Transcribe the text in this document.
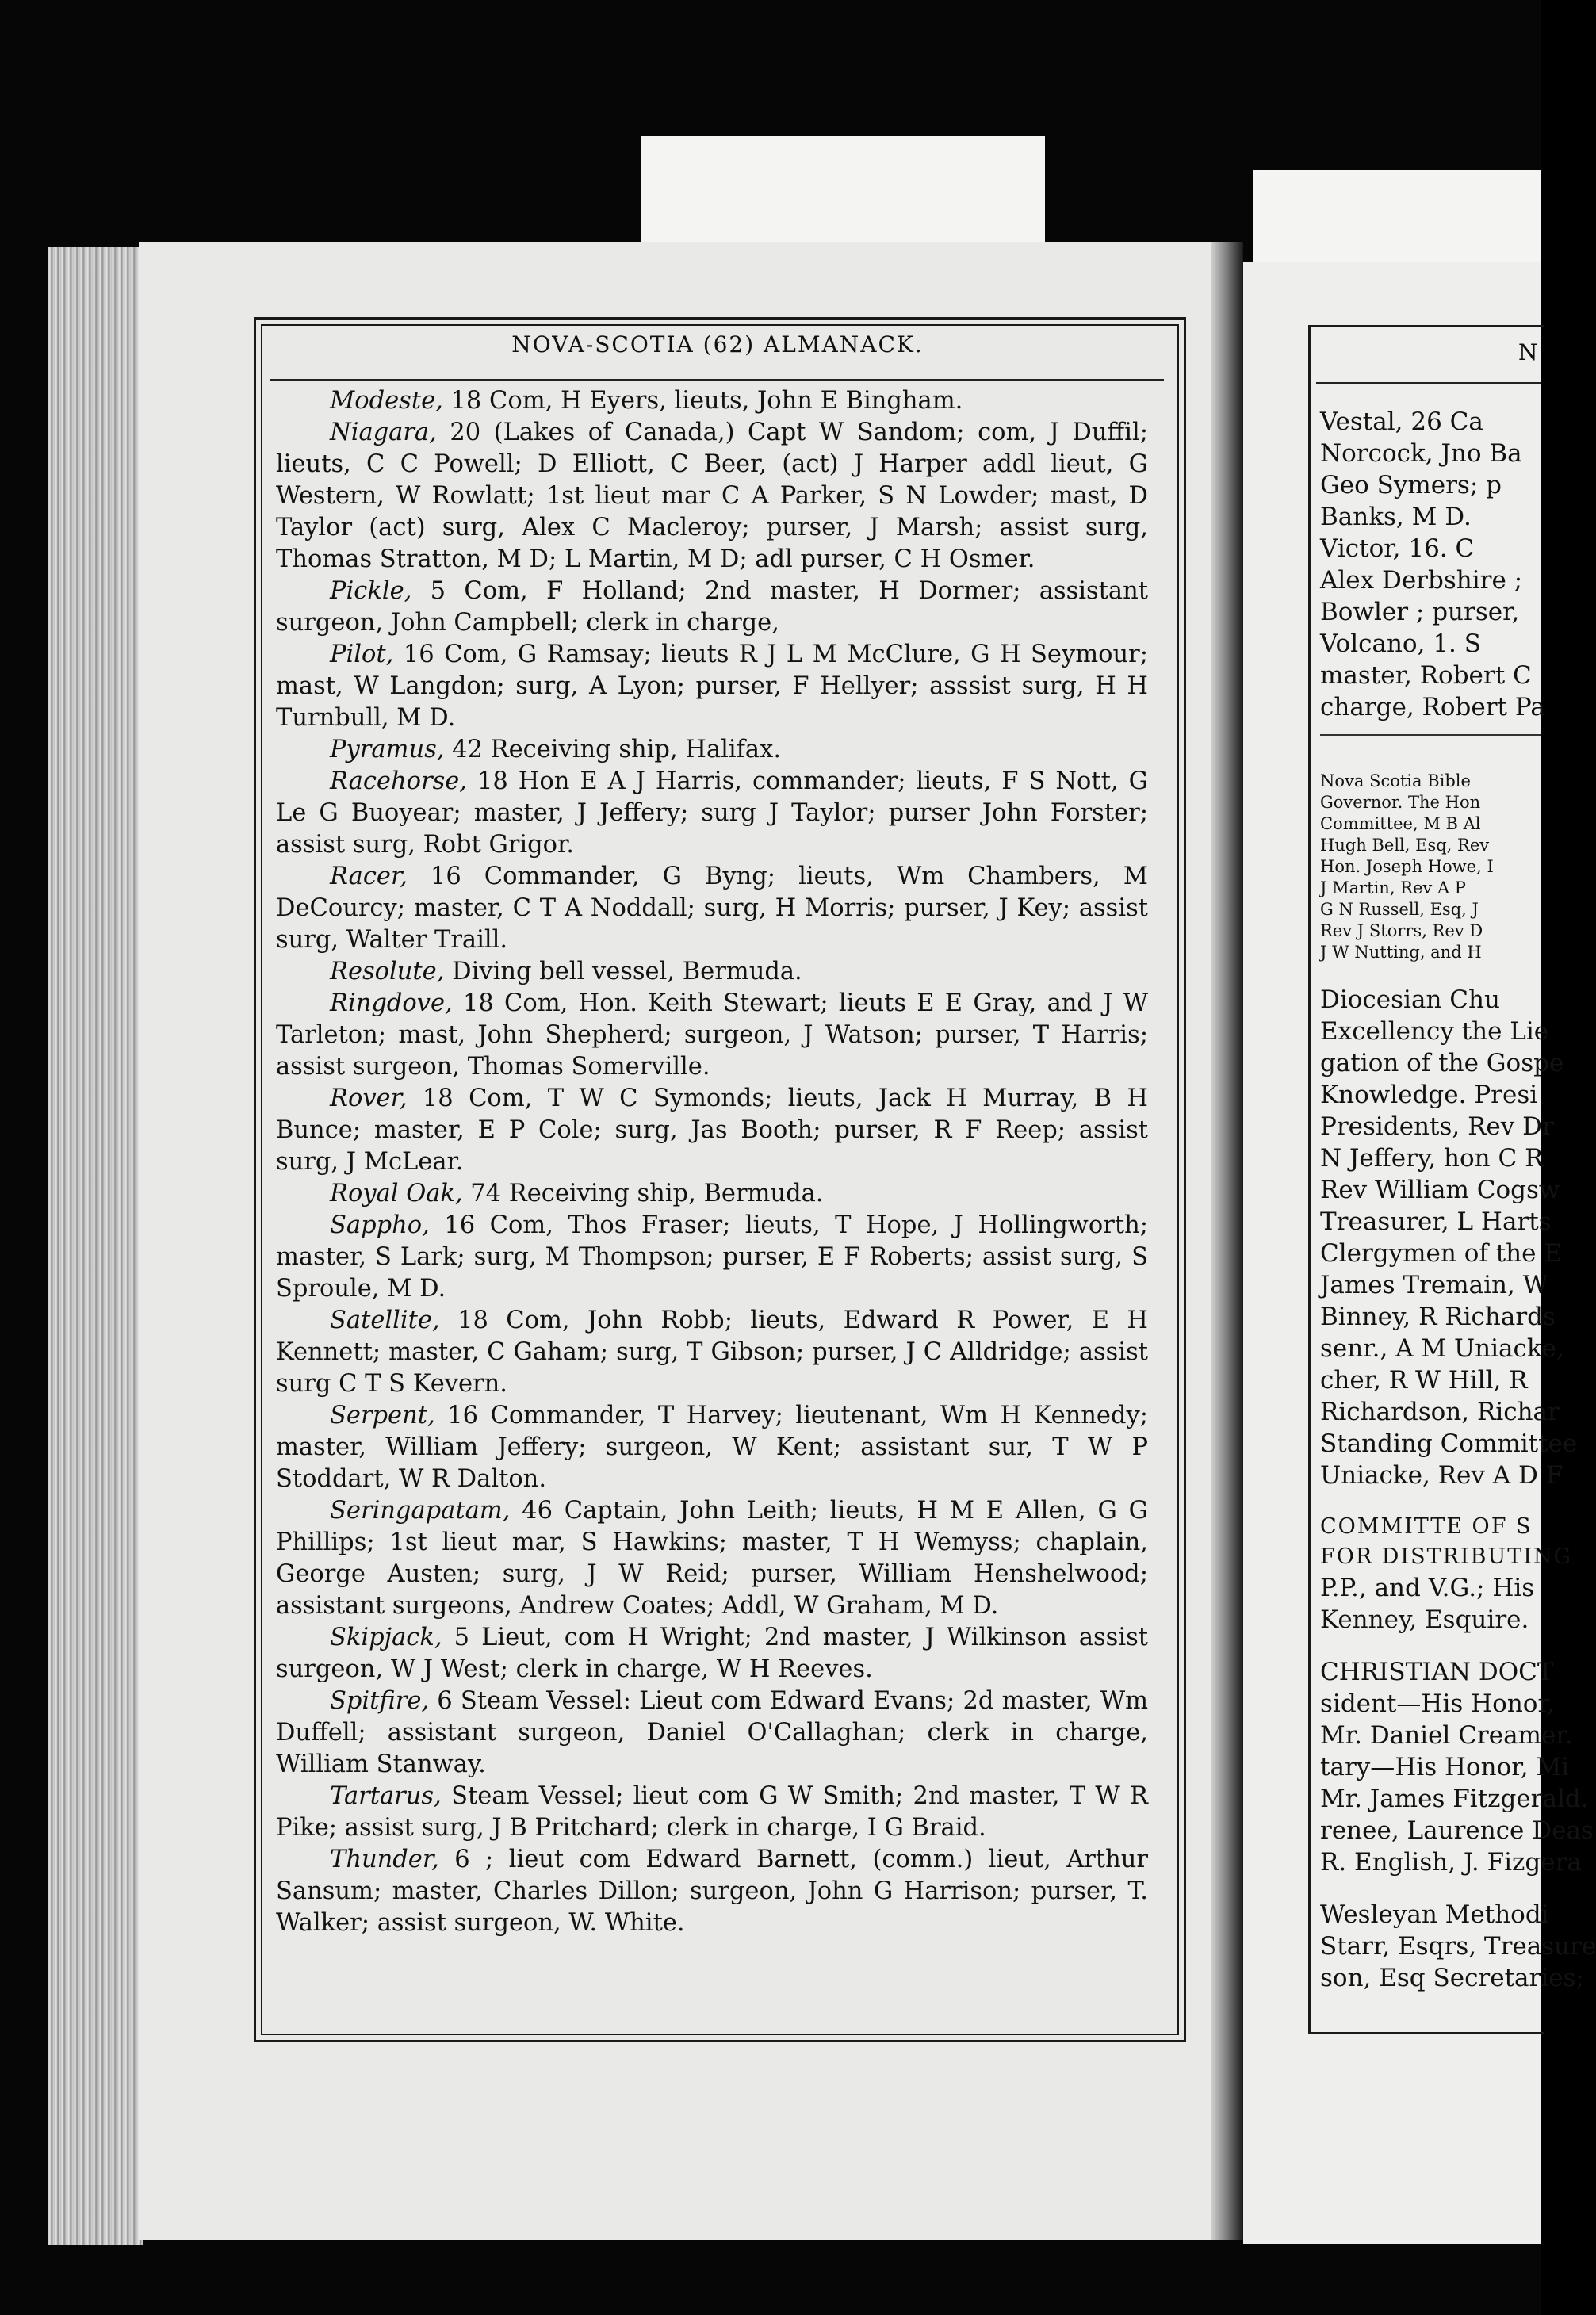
NOVA-SCOTIA (62) ALMANACK.

Modeste, 18 Com, H Eyers, lieuts, John E Bingham.

Niagara, 20 (Lakes of Canada,) Capt W Sandom; com, J Duffil; lieuts, C C Powell; D Elliott, C Beer, (act) J Harper addl lieut, G Western, W Rowlatt; 1st lieut mar C A Parker, S N Lowder; mast, D Taylor (act) surg, Alex C Macleroy; purser, J Marsh; assist surg, Thomas Stratton, M D; L Martin, M D; adl purser, C H Osmer.

Pickle, 5 Com, F Holland; 2nd master, H Dormer; assistant surgeon, John Campbell; clerk in charge,

Pilot, 16 Com, G Ramsay; lieuts R J L M McClure, G H Seymour; mast, W Langdon; surg, A Lyon; purser, F Hellyer; asssist surg, H H Turnbull, M D.

Pyramus, 42 Receiving ship, Halifax.

Racehorse, 18 Hon E A J Harris, commander; lieuts, F S Nott, G Le G Buoyear; master, J Jeffery; surg J Taylor; purser John Forster; assist surg, Robt Grigor.

Racer, 16 Commander, G Byng; lieuts, Wm Chambers, M DeCourcy; master, C T A Noddall; surg, H Morris; purser, J Key; assist surg, Walter Traill.

Resolute, Diving bell vessel, Bermuda.

Ringdove, 18 Com, Hon. Keith Stewart; lieuts E E Gray, and J W Tarleton; mast, John Shepherd; surgeon, J Watson; purser, T Harris; assist surgeon, Thomas Somerville.

Rover, 18 Com, T W C Symonds; lieuts, Jack H Murray, B H Bunce; master, E P Cole; surg, Jas Booth; purser, R F Reep; assist surg, J McLear.

Royal Oak, 74 Receiving ship, Bermuda.

Sappho, 16 Com, Thos Fraser; lieuts, T Hope, J Hollingworth; master, S Lark; surg, M Thompson; purser, E F Roberts; assist surg, S Sproule, M D.

Satellite, 18 Com, John Robb; lieuts, Edward R Power, E H Kennett; master, C Gaham; surg, T Gibson; purser, J C Alldridge; assist surg C T S Kevern.

Serpent, 16 Commander, T Harvey; lieutenant, Wm H Kennedy; master, William Jeffery; surgeon, W Kent; assistant sur, T W P Stoddart, W R Dalton.

Seringapatam, 46 Captain, John Leith; lieuts, H M E Allen, G G Phillips; 1st lieut mar, S Hawkins; master, T H Wemyss; chaplain, George Austen; surg, J W Reid; purser, William Henshelwood; assistant surgeons, Andrew Coates; Addl, W Graham, M D.

Skipjack, 5 Lieut, com H Wright; 2nd master, J Wilkinson assist surgeon, W J West; clerk in charge, W H Reeves.

Spitfire, 6 Steam Vessel: Lieut com Edward Evans; 2d master, Wm Duffell; assistant surgeon, Daniel O'Callaghan; clerk in charge, William Stanway.

Tartarus, Steam Vessel; lieut com G W Smith; 2nd master, T W R Pike; assist surg, J B Pritchard; clerk in charge, I G Braid.

Thunder, 6 ; lieut com Edward Barnett, (comm.) lieut, Arthur Sansum; master, Charles Dillon; surgeon, John G Harrison; purser, T. Walker; assist surgeon, W. White.

N
Vestal, 26 Ca
Norcock, Jno Ba
Geo Symers; p
Banks, M D.
Victor, 16. C
Alex Derbshire ;
Bowler ; purser,
Volcano, 1. S
master, Robert C
charge, Robert Pa
Nova Scotia Bible
Governor. The Hon
Committee, M B Al
Hugh Bell, Esq, Rev
Hon. Joseph Howe, I
J Martin, Rev A P
G N Russell, Esq, J
Rev J Storrs, Rev D
J W Nutting, and H
Diocesian Chu
Excellency the Lie
gation of the Gospe
Knowledge. Presi
Presidents, Rev Dr
N Jeffery, hon C R
Rev William Cogsw
Treasurer, L Harts
Clergymen of the E
James Tremain, W
Binney, R Richards
senr., A M Uniacke,
cher, R W Hill, R
Richardson, Richar
Standing Committee
Uniacke, Rev A D F
COMMITTE OF S
FOR DISTRIBUTING
P.P., and V.G.; His
Kenney, Esquire.
CHRISTIAN DOCT
sident—His Honor,
Mr. Daniel Creamer.
tary—His Honor, Mi
Mr. James Fitzgerald.
renee, Laurence Deas
R. English, J. Fizgera
Wesleyan Methodi
Starr, Esqrs, Treasure
son, Esq Secretaries;
